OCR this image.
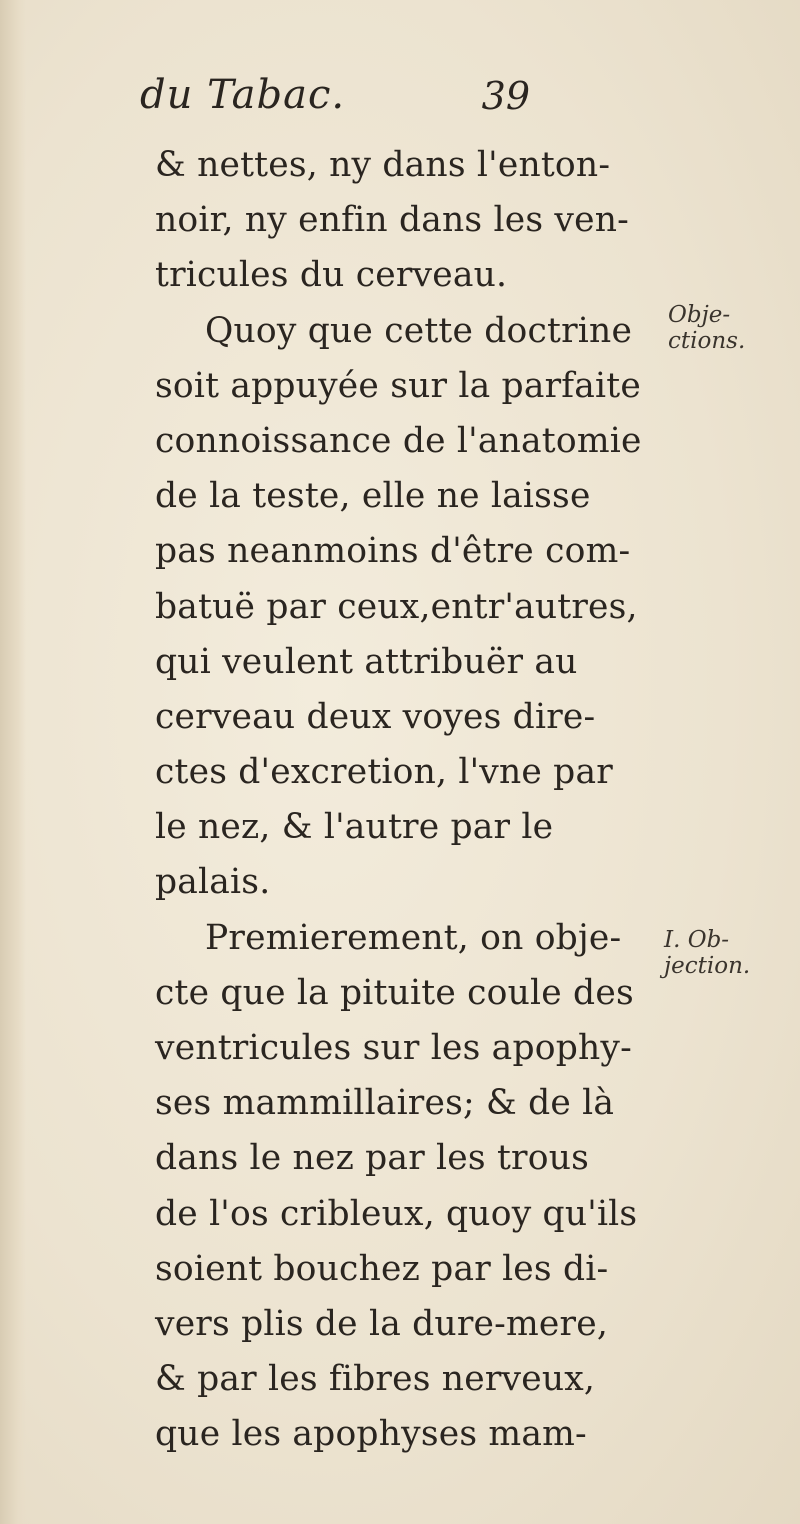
du Tabac.	39
& nettes, ny dans l'enton-
noir, ny enfin dans les ven-
tricules du cerveau.
Quoy que cette doctrine
soit appuyée sur la parfaite
connoissance de l'anatomie
de la teste, elle ne laisse
pas neanmoins d'être com-
batuë par ceux,entr'autres,
qui veulent attribuër au
cerveau deux voyes dire-
ctes d'excretion, l'vne par
le nez, & l'autre par le
palais.
Premierement, on obje-
cte que la pituite coule des
ventricules sur les apophy-
ses mammillaires; & de là
dans le nez par les trous
de l'os cribleux, quoy qu'ils
soient bouchez par les di-
vers plis de la dure-mere,
& par les fibres nerveux,
que les apophyses mam-
Obje-
ctions.
I. Ob-
jection.
